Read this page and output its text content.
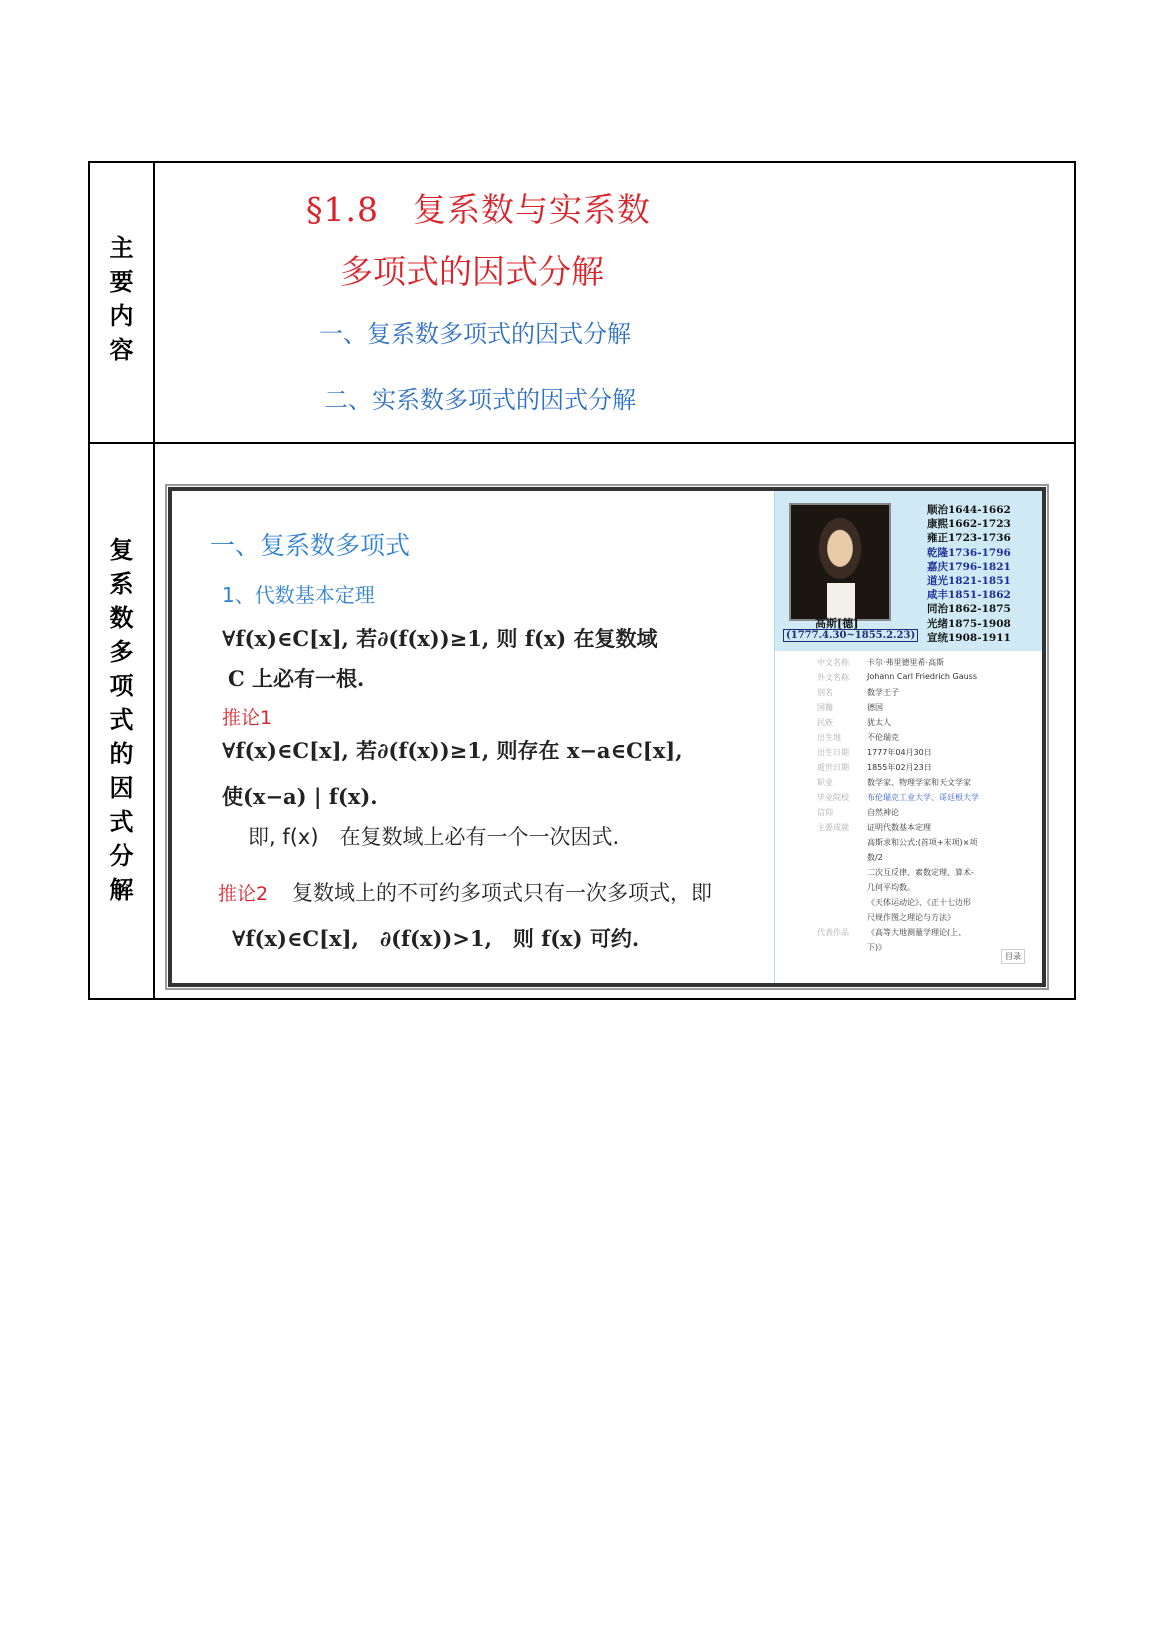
主
要
内
容
复
系
数
多
项
式
的
因
式
分
解
§1.8　复系数与实系数
多项式的因式分解
一、复系数多项式的因式分解
二、实系数多项式的因式分解
一、复系数多项式
1、代数基本定理
∀f(x)∈C[x], 若∂(f(x))≥1, 则 f(x) 在复数域
C 上必有一根.
推论1
∀f(x)∈C[x], 若∂(f(x))≥1, 则存在 x−a∈C[x],
使(x−a) | f(x).
即, f(x)　在复数域上必有一个一次因式.
推论2 复数域上的不可约多项式只有一次多项式，即
∀f(x)∈C[x],　∂(f(x))>1,　则 f(x) 可约.
高斯[德]
(1777.4.30~1855.2.23)
顺治1644-1662
康熙1662-1723
雍正1723-1736
乾隆1736-1796
嘉庆1796-1821
道光1821-1851
咸丰1851-1862
同治1862-1875
光绪1875-1908
宣统1908-1911
中文名称 卡尔·弗里德里希·高斯
外文名称 Johann Carl Friedrich Gauss
别名	数学王子
国籍	德国
民族	犹太人
出生地	不伦瑞克
出生日期 1777年04月30日
逝世日期 1855年02月23日
职业	数学家、物理学家和天文学家
毕业院校 布伦瑞克工业大学、哥廷根大学
信仰	自然神论
主要成就 证明代数基本定理
高斯求和公式:(首项+末项)×项
数/2
二次互反律、素数定理、算术-
几何平均数。
《天体运动论》、《正十七边形
尺规作图之理论与方法》
代表作品 《高等大地测量学理论(上、
下)》
目录
